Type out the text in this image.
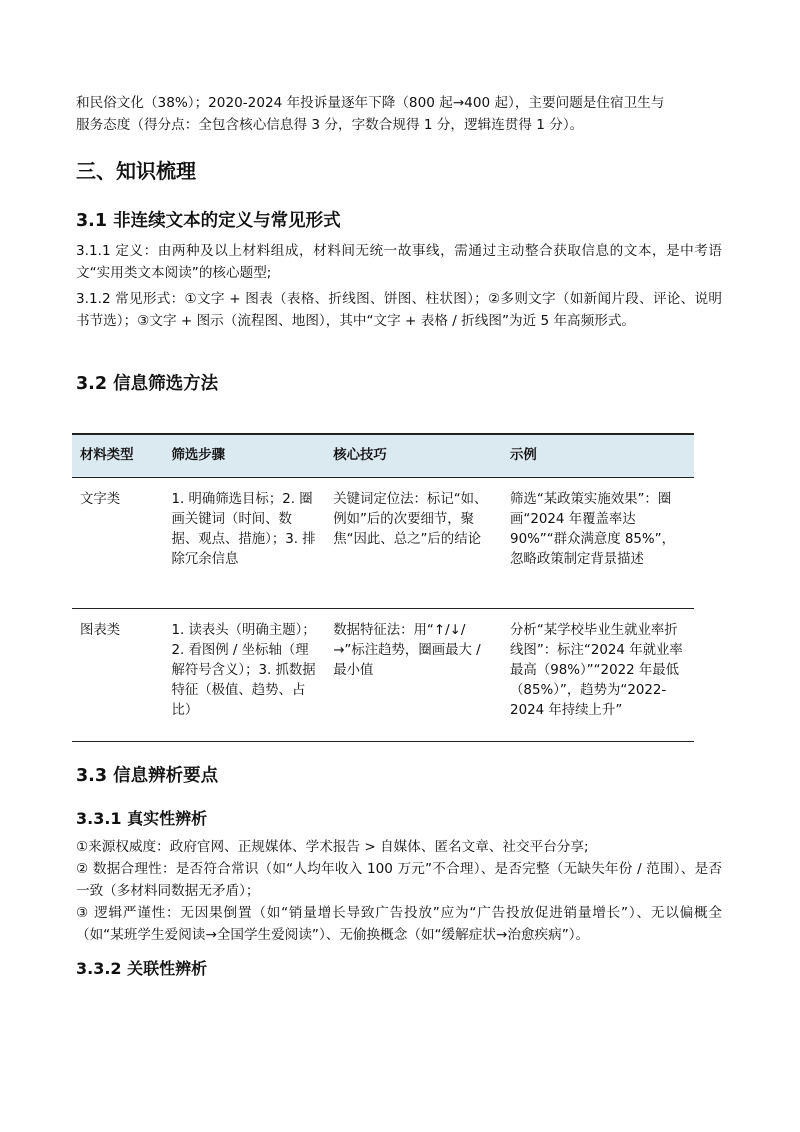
和民俗文化（38%）；2020-2024 年投诉量逐年下降（800 起→400 起），主要问题是住宿卫生与

服务态度（得分点：全包含核心信息得 3 分，字数合规得 1 分，逻辑连贯得 1 分）。

三、知识梳理
3.1 非连续文本的定义与常见形式

3.1.1 定义：由两种及以上材料组成，材料间无统一故事线，需通过主动整合获取信息的文本，是中考语文“实用类文本阅读”的核心题型;

3.1.2 常见形式：①文字 + 图表（表格、折线图、饼图、柱状图）；②多则文字（如新闻片段、评论、说明书节选）；③文字 + 图示（流程图、地图），其中“文字 + 表格 / 折线图”为近 5 年高频形式。

3.2 信息筛选方法
材料类型	筛选步骤	核心技巧	示例
文字类	1. 明确筛选目标；2. 圈画关键词（时间、数据、观点、措施）；3. 排除冗余信息	关键词定位法：标记“如、例如”后的次要细节，聚焦“因此、总之”后的结论	筛选“某政策实施效果”：圈画“2024 年覆盖率达 90%”“群众满意度 85%”，忽略政策制定背景描述
图表类	1. 读表头（明确主题）；2. 看图例 / 坐标轴（理解符号含义）；3. 抓数据特征（极值、趋势、占比）	数据特征法：用“↑/↓/→”标注趋势，圈画最大 / 最小值	分析“某学校毕业生就业率折线图”：标注“2024 年就业率最高（98%）”“2022 年最低（85%）”，趋势为“2022-2024 年持续上升”
3.3 信息辨析要点
3.3.1 真实性辨析

①来源权威度：政府官网、正规媒体、学术报告 > 自媒体、匿名文章、社交平台分享;

② 数据合理性：是否符合常识（如“人均年收入 100 万元”不合理）、是否完整（无缺失年份 / 范围）、是否一致（多材料同数据无矛盾）；

③ 逻辑严谨性：无因果倒置（如“销量增长导致广告投放”应为“广告投放促进销量增长”）、无以偏概全（如“某班学生爱阅读→全国学生爱阅读”）、无偷换概念（如“缓解症状→治愈疾病”）。

3.3.2 关联性辨析
